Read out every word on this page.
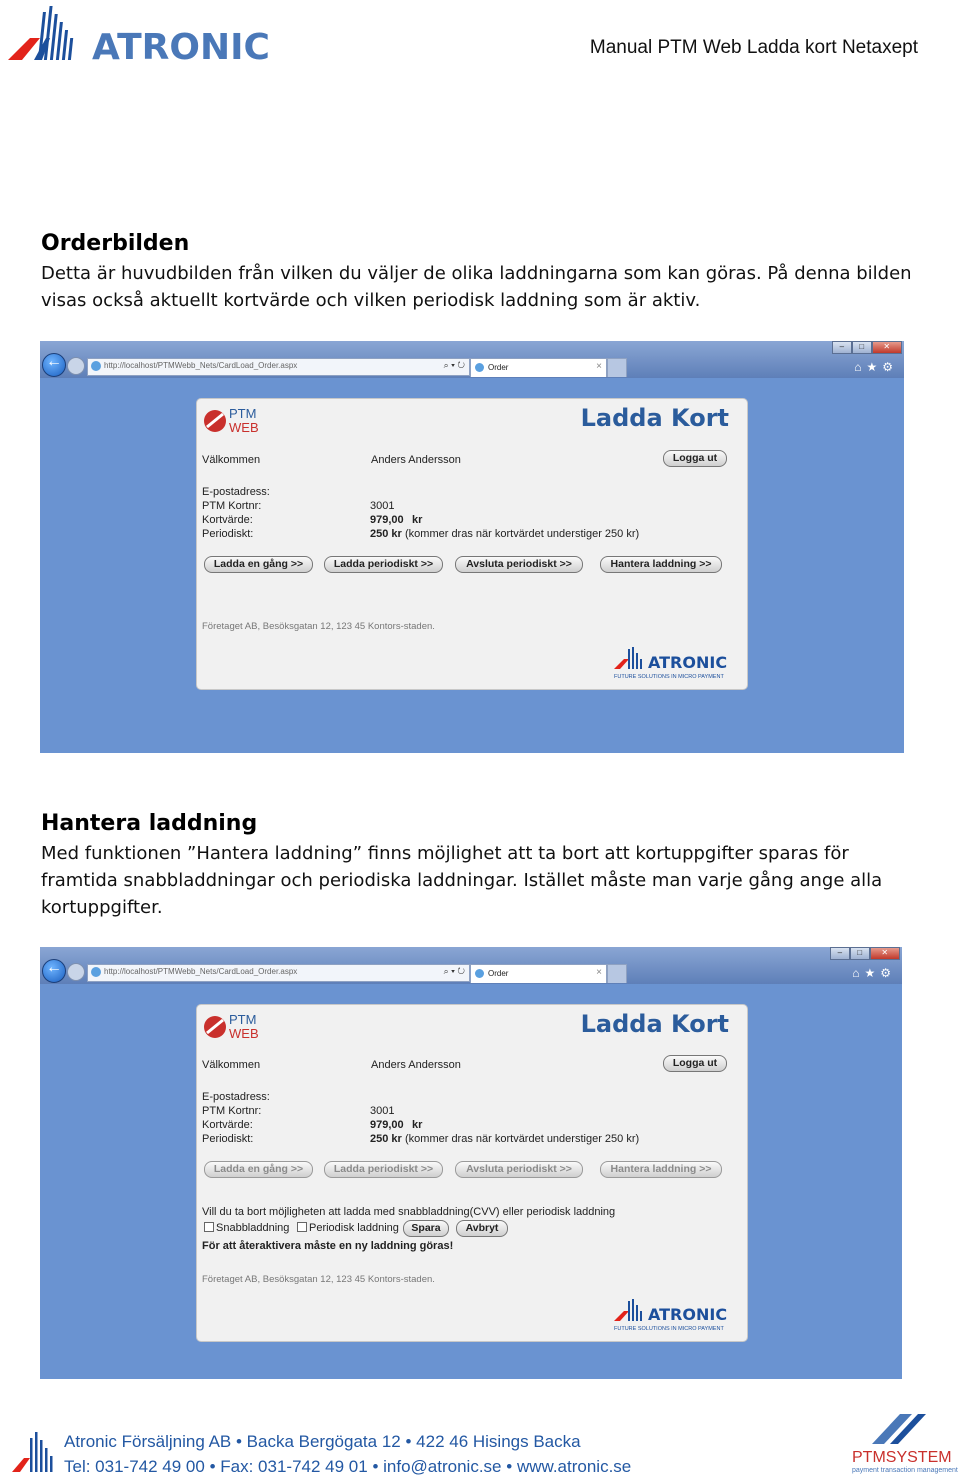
ATRONIC	Manual PTM Web Ladda kort Netaxept
Orderbilden
Detta är huvudbilden från vilken du väljer de olika laddningarna som kan göras. På denna bilden visas också aktuellt kortvärde och vilken periodisk laddning som är aktiv.
←
http://localhost/PTMWebb_Nets/CardLoad_Order.aspx	⌕ ▾ ↻	Order	×
–	□	✕
⌂★⚙
PTM
WEB	Ladda Kort
Välkommen	Anders Andersson	Logga ut
E-postadress:
PTM Kortnr:	3001
Kortvärde:	979,00 kr
Periodiskt:	250 kr (kommer dras när kortvärdet understiger 250 kr)
Ladda en gång >>	Ladda periodiskt >>	Avsluta periodiskt >>	Hantera laddning >>
Företaget AB, Besöksgatan 12, 123 45 Kontors-staden.
ATRONIC
FUTURE SOLUTIONS IN MICRO PAYMENT
Hantera laddning
Med funktionen ”Hantera laddning” finns möjlighet att ta bort att kortuppgifter sparas för framtida snabbladdningar och periodiska laddningar. Istället måste man varje gång ange alla kortuppgifter.
←
http://localhost/PTMWebb_Nets/CardLoad_Order.aspx	⌕ ▾ ↻	Order	×
–	□	✕
⌂★⚙
PTM
WEB	Ladda Kort
Välkommen	Anders Andersson	Logga ut
E-postadress:
PTM Kortnr:	3001
Kortvärde:	979,00 kr
Periodiskt:	250 kr (kommer dras när kortvärdet understiger 250 kr)
Ladda en gång >>	Ladda periodiskt >>	Avsluta periodiskt >>	Hantera laddning >>
Vill du ta bort möjligheten att ladda med snabbladdning(CVV) eller periodisk laddning
Snabbladdning	Periodisk laddning	Spara	Avbryt
För att återaktivera måste en ny laddning göras!
Företaget AB, Besöksgatan 12, 123 45 Kontors-staden.
ATRONIC
FUTURE SOLUTIONS IN MICRO PAYMENT
Atronic Försäljning AB • Backa Bergögata 12 • 422 46 Hisings Backa
Tel: 031-742 49 00 • Fax: 031-742 49 01 • info@atronic.se • www.atronic.se	PTMSYSTEM
payment transaction management
